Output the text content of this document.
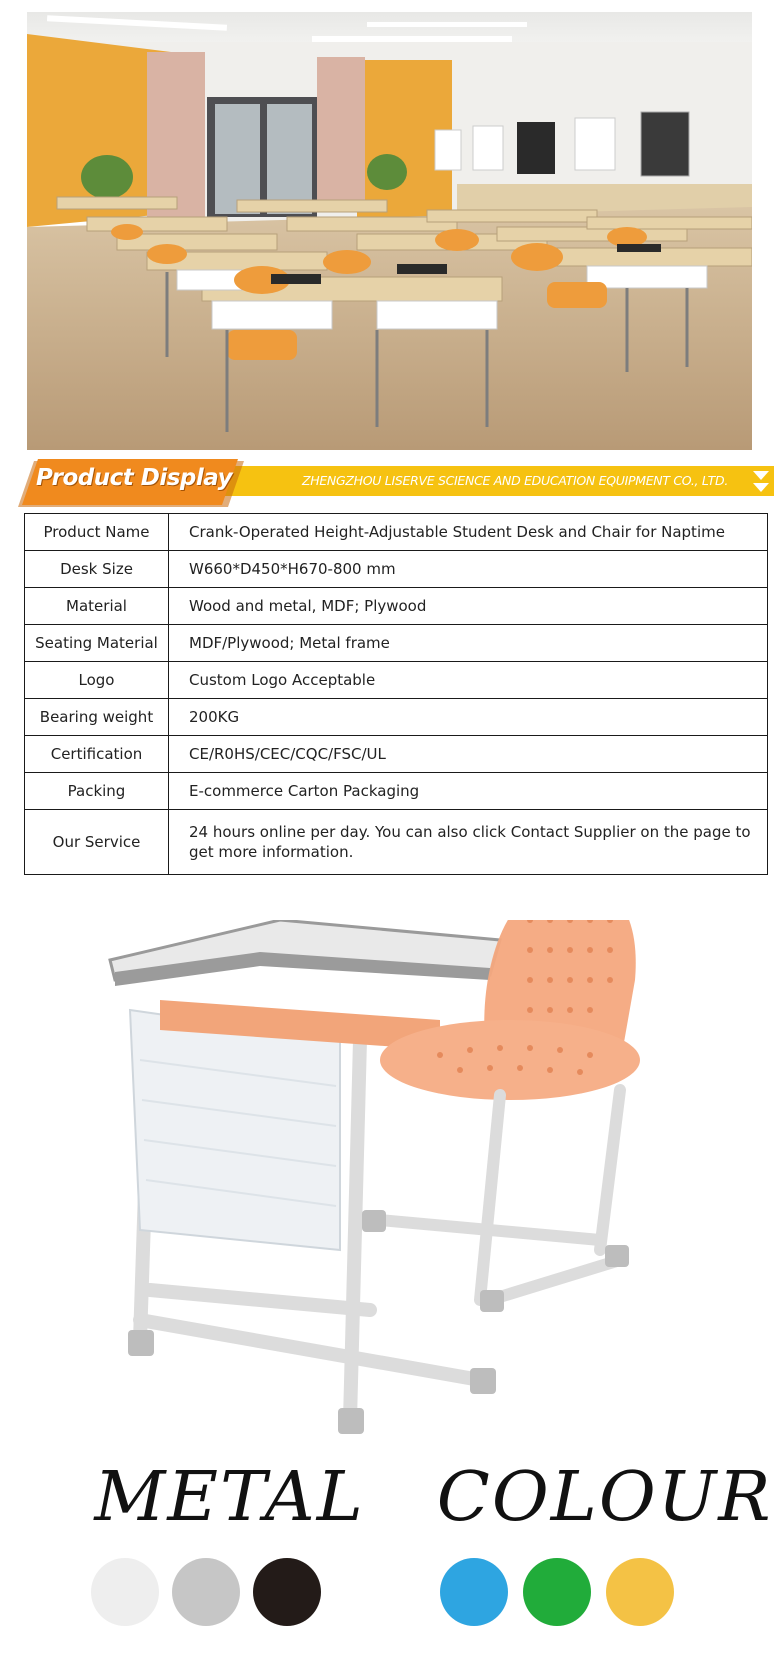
Product Display	ZHENGZHOU LISERVE SCIENCE AND EDUCATION EQUIPMENT CO., LTD.
Product Name	Crank-Operated Height-Adjustable Student Desk and Chair for Naptime
Desk Size	W660*D450*H670-800 mm
Material	Wood and metal, MDF; Plywood
Seating Material	MDF/Plywood; Metal frame
Logo	Custom Logo Acceptable
Bearing weight	200KG
Certification	CE/R0HS/CEC/CQC/FSC/UL
Packing	E-commerce Carton Packaging
Our Service	24 hours online per day. You can also click Contact Supplier on the page to get more information.
METAL COLOUR
